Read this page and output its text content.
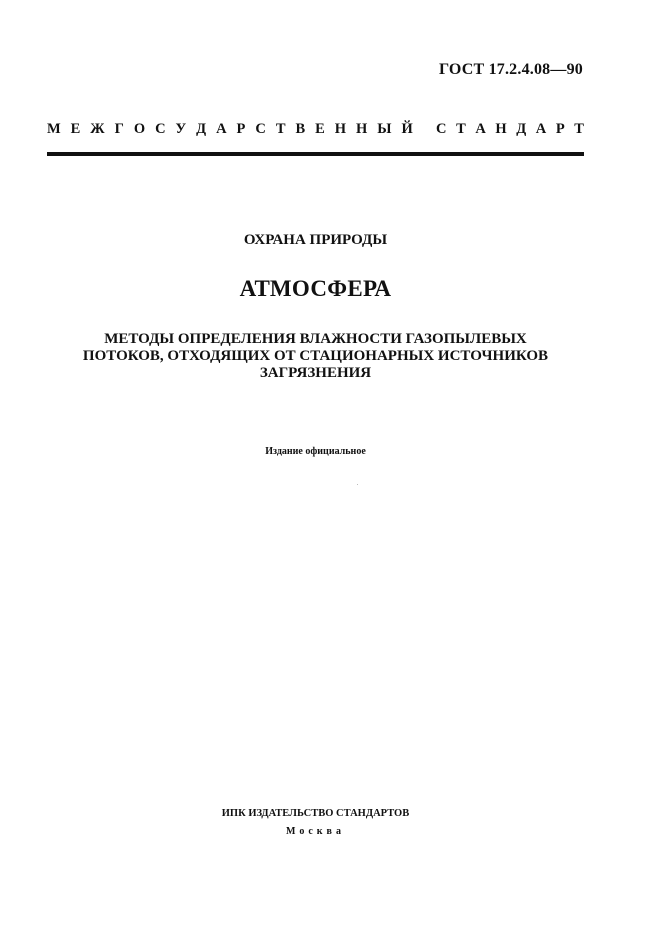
ГОСТ 17.2.4.08—90
М Е Ж Г О С У Д А Р С Т В Е Н Н Ы Й С Т А Н Д А Р Т
ОХРАНА ПРИРОДЫ
АТМОСФЕРА
МЕТОДЫ ОПРЕДЕЛЕНИЯ ВЛАЖНОСТИ ГАЗОПЫЛЕВЫХ
ПОТОКОВ, ОТХОДЯЩИХ ОТ СТАЦИОНАРНЫХ ИСТОЧНИКОВ
ЗАГРЯЗНЕНИЯ
Издание официальное
ИПК ИЗДАТЕЛЬСТВО СТАНДАРТОВ
Москва
